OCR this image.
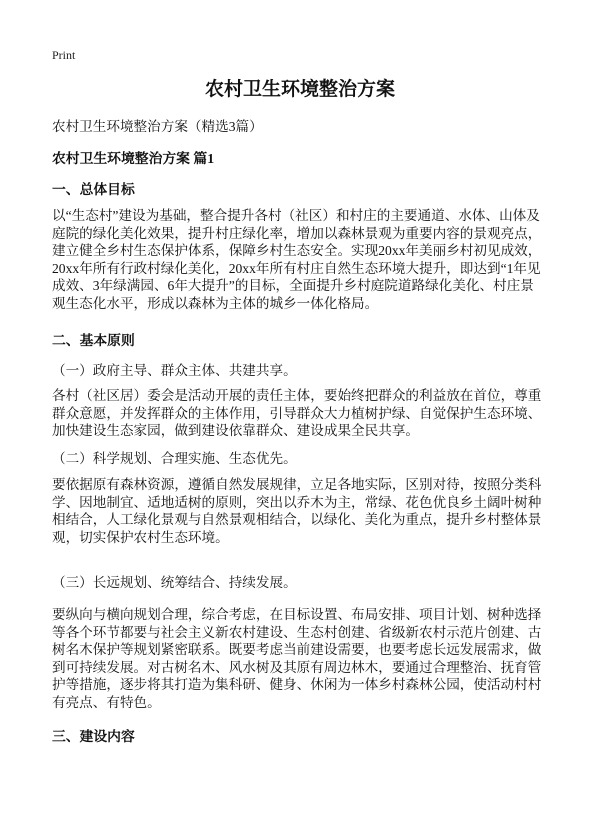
Print
农村卫生环境整治方案
农村卫生环境整治方案（精选3篇）
农村卫生环境整治方案 篇1
一、总体目标
以“生态村”建设为基础，整合提升各村（社区）和村庄的主要通道、水体、山体及
庭院的绿化美化效果，提升村庄绿化率，增加以森林景观为重要内容的景观亮点，
建立健全乡村生态保护体系，保障乡村生态安全。实现20xx年美丽乡村初见成效，
20xx年所有行政村绿化美化，20xx年所有村庄自然生态环境大提升，即达到“1年见
成效、3年绿满园、6年大提升”的目标，全面提升乡村庭院道路绿化美化、村庄景
观生态化水平，形成以森林为主体的城乡一体化格局。
二、基本原则
（一）政府主导、群众主体、共建共享。
各村（社区居）委会是活动开展的责任主体，要始终把群众的利益放在首位，尊重
群众意愿，并发挥群众的主体作用，引导群众大力植树护绿、自觉保护生态环境、
加快建设生态家园，做到建设依靠群众、建设成果全民共享。
（二）科学规划、合理实施、生态优先。
要依据原有森林资源，遵循自然发展规律，立足各地实际，区别对待，按照分类科
学、因地制宜、适地适树的原则，突出以乔木为主，常绿、花色优良乡土阔叶树种
相结合，人工绿化景观与自然景观相结合，以绿化、美化为重点，提升乡村整体景
观，切实保护农村生态环境。
（三）长远规划、统筹结合、持续发展。
要纵向与横向规划合理，综合考虑，在目标设置、布局安排、项目计划、树种选择
等各个环节都要与社会主义新农村建设、生态村创建、省级新农村示范片创建、古
树名木保护等规划紧密联系。既要考虑当前建设需要，也要考虑长远发展需求，做
到可持续发展。对古树名木、风水树及其原有周边林木，要通过合理整治、抚育管
护等措施，逐步将其打造为集科研、健身、休闲为一体乡村森林公园，使活动村村
有亮点、有特色。
三、建设内容
